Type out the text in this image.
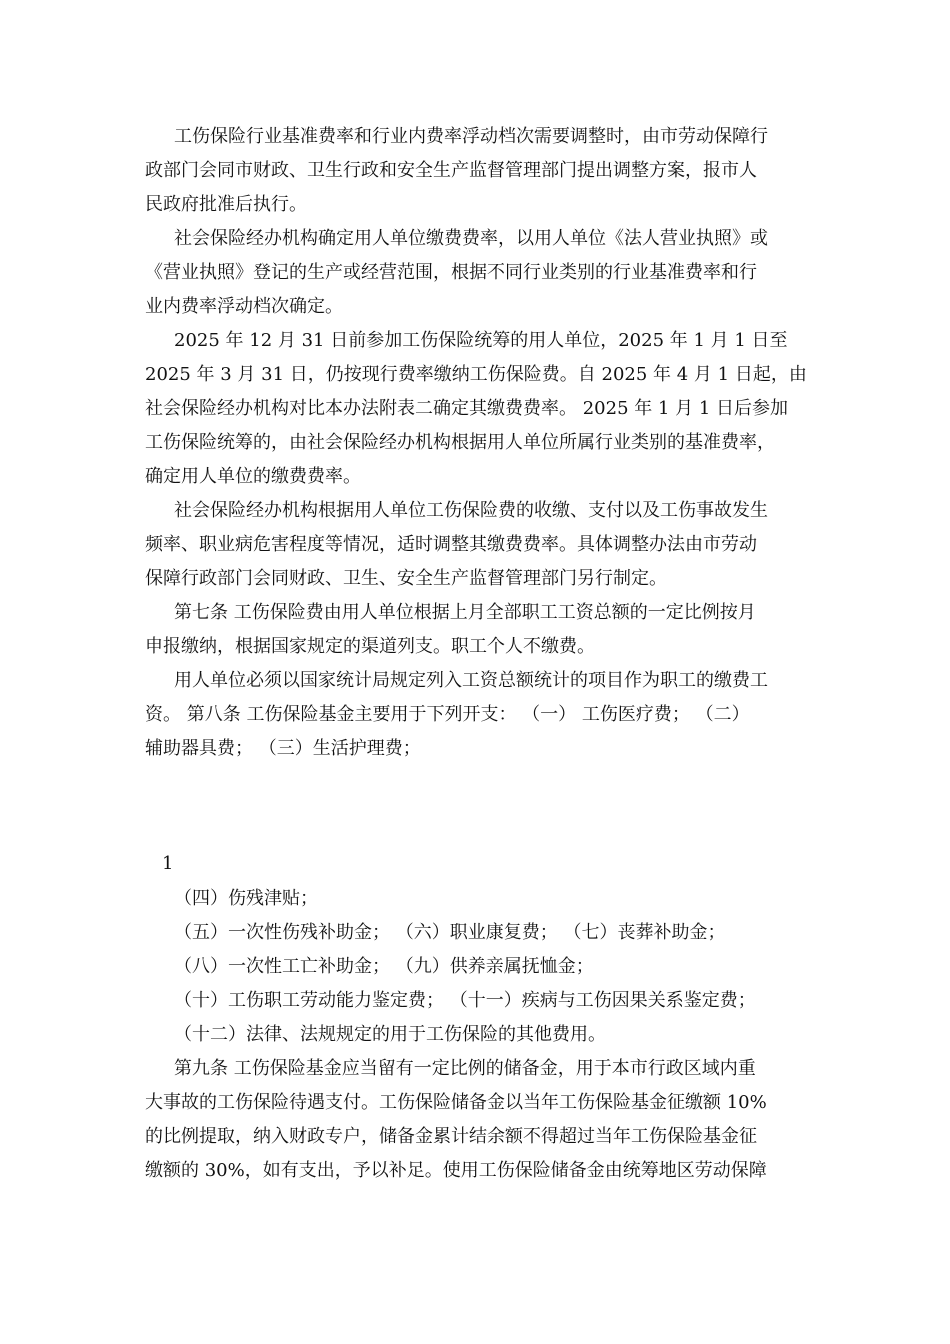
工伤保险行业基准费率和行业内费率浮动档次需要调整时，由市劳动保障行
政部门会同市财政、卫生行政和安全生产监督管理部门提出调整方案，报市人
民政府批准后执行。
社会保险经办机构确定用人单位缴费费率，以用人单位《法人营业执照》或
《营业执照》登记的生产或经营范围，根据不同行业类别的行业基准费率和行
业内费率浮动档次确定。
2025 年 12 月 31 日前参加工伤保险统筹的用人单位，2025 年 1 月 1 日至
2025 年 3 月 31 日，仍按现行费率缴纳工伤保险费。自 2025 年 4 月 1 日起，由
社会保险经办机构对比本办法附表二确定其缴费费率。 2025 年 1 月 1 日后参加
工伤保险统筹的，由社会保险经办机构根据用人单位所属行业类别的基准费率，
确定用人单位的缴费费率。
社会保险经办机构根据用人单位工伤保险费的收缴、支付以及工伤事故发生
频率、职业病危害程度等情况，适时调整其缴费费率。具体调整办法由市劳动
保障行政部门会同财政、卫生、安全生产监督管理部门另行制定。
第七条 工伤保险费由用人单位根据上月全部职工工资总额的一定比例按月
申报缴纳，根据国家规定的渠道列支。职工个人不缴费。
用人单位必须以国家统计局规定列入工资总额统计的项目作为职工的缴费工
资。 第八条 工伤保险基金主要用于下列开支： （一） 工伤医疗费； （二）
辅助器具费； （三）生活护理费；
1
（四）伤残津贴；
（五）一次性伤残补助金； （六）职业康复费； （七）丧葬补助金；
（八）一次性工亡补助金； （九）供养亲属抚恤金；
（十）工伤职工劳动能力鉴定费； （十一）疾病与工伤因果关系鉴定费；
（十二）法律、法规规定的用于工伤保险的其他费用。
第九条 工伤保险基金应当留有一定比例的储备金，用于本市行政区域内重
大事故的工伤保险待遇支付。工伤保险储备金以当年工伤保险基金征缴额 10%
的比例提取，纳入财政专户，储备金累计结余额不得超过当年工伤保险基金征
缴额的 30%，如有支出，予以补足。使用工伤保险储备金由统筹地区劳动保障
